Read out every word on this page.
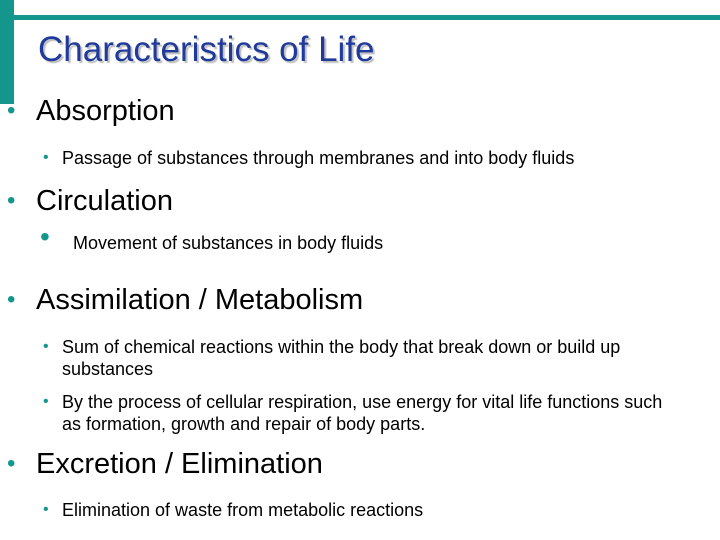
Characteristics of Life
• Absorption
• Passage of substances through membranes and into body fluids
• Circulation
• Movement of substances in body fluids
• Assimilation / Metabolism
• Sum of chemical reactions within the body that break down or build up substances
• By the process of cellular respiration, use energy for vital life functions such as formation, growth and repair of body parts.
• Excretion / Elimination
• Elimination of waste from metabolic reactions
